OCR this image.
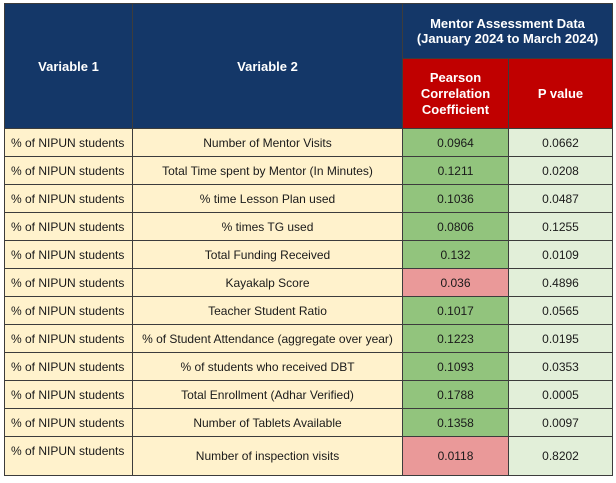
Variable 1	Variable 2	Mentor Assessment Data
(January 2024 to March 2024)	

		Pearson
Correlation
Coefficient	P value
% of NIPUN students	Number of Mentor Visits	0.0964	0.0662
% of NIPUN students	Total Time spent by Mentor (In Minutes)	0.1211	0.0208
% of NIPUN students	% time Lesson Plan used	0.1036	0.0487
% of NIPUN students	% times TG used	0.0806	0.1255
% of NIPUN students	Total Funding Received	0.132	0.0109
% of NIPUN students	Kayakalp Score	0.036	0.4896
% of NIPUN students	Teacher Student Ratio	0.1017	0.0565
% of NIPUN students	% of Student Attendance (aggregate over year)	0.1223	0.0195
% of NIPUN students	% of students who received DBT	0.1093	0.0353
% of NIPUN students	Total Enrollment (Adhar Verified)	0.1788	0.0005
% of NIPUN students	Number of Tablets Available	0.1358	0.0097
% of NIPUN students	Number of inspection visits	0.0118	0.8202
